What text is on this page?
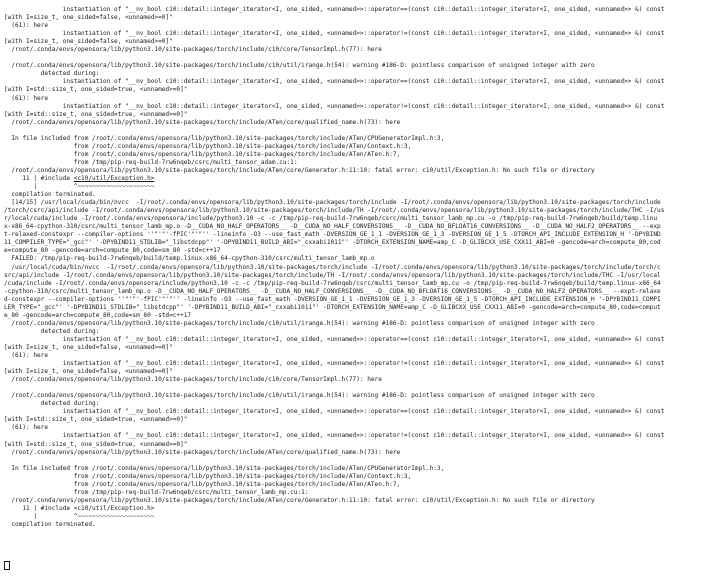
instantiation of "__nv_bool c10::detail::integer_iterator<I, one_sided, <unnamed>>::operator==(const c10::detail::integer_iterator<I, one_sided, <unnamed>> &) const
[with I=size_t, one_sided=false, <unnamed>=0]"
(61): here
instantiation of "__nv_bool c10::detail::integer_iterator<I, one_sided, <unnamed>>::operator!=(const c10::detail::integer_iterator<I, one_sided, <unnamed>> &) const
[with I=size_t, one_sided=false, <unnamed>=0]"
/root/.conda/envs/opensora/lib/python3.10/site-packages/torch/include/c10/core/TensorImpl.h(77): here
/root/.conda/envs/opensora/lib/python3.10/site-packages/torch/include/c10/util/irange.h(54): warning #186-D: pointless comparison of unsigned integer with zero
detected during:
instantiation of "__nv_bool c10::detail::integer_iterator<I, one_sided, <unnamed>>::operator==(const c10::detail::integer_iterator<I, one_sided, <unnamed>> &) const
[with I=std::size_t, one_sided=true, <unnamed>=0]"
(61): here
instantiation of "__nv_bool c10::detail::integer_iterator<I, one_sided, <unnamed>>::operator!=(const c10::detail::integer_iterator<I, one_sided, <unnamed>> &) const
[with I=std::size_t, one_sided=true, <unnamed>=0]"
/root/.conda/envs/opensora/lib/python3.10/site-packages/torch/include/ATen/core/qualified_name.h(73): here
In file included from /root/.conda/envs/opensora/lib/python3.10/site-packages/torch/include/ATen/CPUGeneratorImpl.h:3,
from /root/.conda/envs/opensora/lib/python3.10/site-packages/torch/include/ATen/Context.h:3,
from /root/.conda/envs/opensora/lib/python3.10/site-packages/torch/include/ATen/ATen.h:7,
from /tmp/pip-req-build-7rw6nqeb/csrc/multi_tensor_adam.cu:1:
/root/.conda/envs/opensora/lib/python3.10/site-packages/torch/include/ATen/core/Generator.h:11:10: fatal error: c10/util/Exception.h: No such file or directory
11 | #include <c10/util/Exception.h>
|          ^~~~~~~~~~~~~~~~~~~~~~
compilation terminated.
[14/15] /usr/local/cuda/bin/nvcc  -I/root/.conda/envs/opensora/lib/python3.10/site-packages/torch/include -I/root/.conda/envs/opensora/lib/python3.10/site-packages/torch/include
/torch/csrc/api/include -I/root/.conda/envs/opensora/lib/python3.10/site-packages/torch/include/TH -I/root/.conda/envs/opensora/lib/python3.10/site-packages/torch/include/THC -I/us
r/local/cuda/include -I/root/.conda/envs/opensora/include/python3.10 -c -c /tmp/pip-req-build-7rw6nqeb/csrc/multi_tensor_lamb_mp.cu -o /tmp/pip-req-build-7rw6nqeb/build/temp.linu
x-x86_64-cpython-310/csrc/multi_tensor_lamb_mp.o -D__CUDA_NO_HALF_OPERATORS__ -D__CUDA_NO_HALF_CONVERSIONS__ -D__CUDA_NO_BFLOAT16_CONVERSIONS__ -D__CUDA_NO_HALF2_OPERATORS__ --exp
t-relaxed-constexpr --compiler-options ''"'"'-fPIC'"'"'' -lineinfo -O3 --use_fast_math -DVERSION_GE_1_1 -DVERSION_GE_1_3 -DVERSION_GE_1_5 -DTORCH_API_INCLUDE_EXTENSION_H '-DPYBIND
11_COMPILER_TYPE="_gcc"' '-DPYBIND11_STDLIB="_libstdcpp"' '-DPYBIND11_BUILD_ABI="_cxxabi1011"' -DTORCH_EXTENSION_NAME=amp_C -D_GLIBCXX_USE_CXX11_ABI=0 -gencode=arch=compute_80,cod
e=compute_80 -gencode=arch=compute_80,code=sm_80 -std=c++17
FAILED: /tmp/pip-req-build-7rw6nqeb/build/temp.linux-x86_64-cpython-310/csrc/multi_tensor_lamb_mp.o
/usr/local/cuda/bin/nvcc  -I/root/.conda/envs/opensora/lib/python3.10/site-packages/torch/include -I/root/.conda/envs/opensora/lib/python3.10/site-packages/torch/include/torch/c
src/api/include -I/root/.conda/envs/opensora/lib/python3.10/site-packages/torch/include/TH -I/root/.conda/envs/opensora/lib/python3.10/site-packages/torch/include/THC -I/usr/local
/cuda/include -I/root/.conda/envs/opensora/include/python3.10 -c -c /tmp/pip-req-build-7rw6nqeb/csrc/multi_tensor_lamb_mp.cu -o /tmp/pip-req-build-7rw6nqeb/build/temp.linux-x86_64
-cpython-310/csrc/multi_tensor_lamb_mp.o -D__CUDA_NO_HALF_OPERATORS__ -D__CUDA_NO_HALF_CONVERSIONS__ -D__CUDA_NO_BFLOAT16_CONVERSIONS__ -D__CUDA_NO_HALF2_OPERATORS__ --expt-relaxe
d-constexpr --compiler-options ''"'"'-fPIC'"'"'' -lineinfo -O3 --use_fast_math -DVERSION_GE_1_1 -DVERSION_GE_1_3 -DVERSION_GE_1_5 -DTORCH_API_INCLUDE_EXTENSION_H '-DPYBIND11_COMPI
LER_TYPE="_gcc"' '-DPYBIND11_STDLIB="_libstdcpp"' '-DPYBIND11_BUILD_ABI="_cxxabi1011"' -DTORCH_EXTENSION_NAME=amp_C -D_GLIBCXX_USE_CXX11_ABI=0 -gencode=arch=compute_80,code=comput
e_80 -gencode=arch=compute_80,code=sm_80 -std=c++17
/root/.conda/envs/opensora/lib/python3.10/site-packages/torch/include/c10/util/irange.h(54): warning #186-D: pointless comparison of unsigned integer with zero
detected during:
instantiation of "__nv_bool c10::detail::integer_iterator<I, one_sided, <unnamed>>::operator==(const c10::detail::integer_iterator<I, one_sided, <unnamed>> &) const
[with I=size_t, one_sided=false, <unnamed>=0]"
(61): here
instantiation of "__nv_bool c10::detail::integer_iterator<I, one_sided, <unnamed>>::operator!=(const c10::detail::integer_iterator<I, one_sided, <unnamed>> &) const
[with I=size_t, one_sided=false, <unnamed>=0]"
/root/.conda/envs/opensora/lib/python3.10/site-packages/torch/include/c10/core/TensorImpl.h(77): here
/root/.conda/envs/opensora/lib/python3.10/site-packages/torch/include/c10/util/irange.h(54): warning #186-D: pointless comparison of unsigned integer with zero
detected during:
instantiation of "__nv_bool c10::detail::integer_iterator<I, one_sided, <unnamed>>::operator==(const c10::detail::integer_iterator<I, one_sided, <unnamed>> &) const
[with I=std::size_t, one_sided=true, <unnamed>=0]"
(61): here
instantiation of "__nv_bool c10::detail::integer_iterator<I, one_sided, <unnamed>>::operator!=(const c10::detail::integer_iterator<I, one_sided, <unnamed>> &) const
[with I=std::size_t, one_sided=true, <unnamed>=0]"
/root/.conda/envs/opensora/lib/python3.10/site-packages/torch/include/ATen/core/qualified_name.h(73): here
In file included from /root/.conda/envs/opensora/lib/python3.10/site-packages/torch/include/ATen/CPUGeneratorImpl.h:3,
from /root/.conda/envs/opensora/lib/python3.10/site-packages/torch/include/ATen/Context.h:3,
from /root/.conda/envs/opensora/lib/python3.10/site-packages/torch/include/ATen/ATen.h:7,
from /tmp/pip-req-build-7rw6nqeb/csrc/multi_tensor_lamb_mp.cu:1:
/root/.conda/envs/opensora/lib/python3.10/site-packages/torch/include/ATen/core/Generator.h:11:10: fatal error: c10/util/Exception.h: No such file or directory
11 | #include <c10/util/Exception.h>
|          ^~~~~~~~~~~~~~~~~~~~~~
compilation terminated.
